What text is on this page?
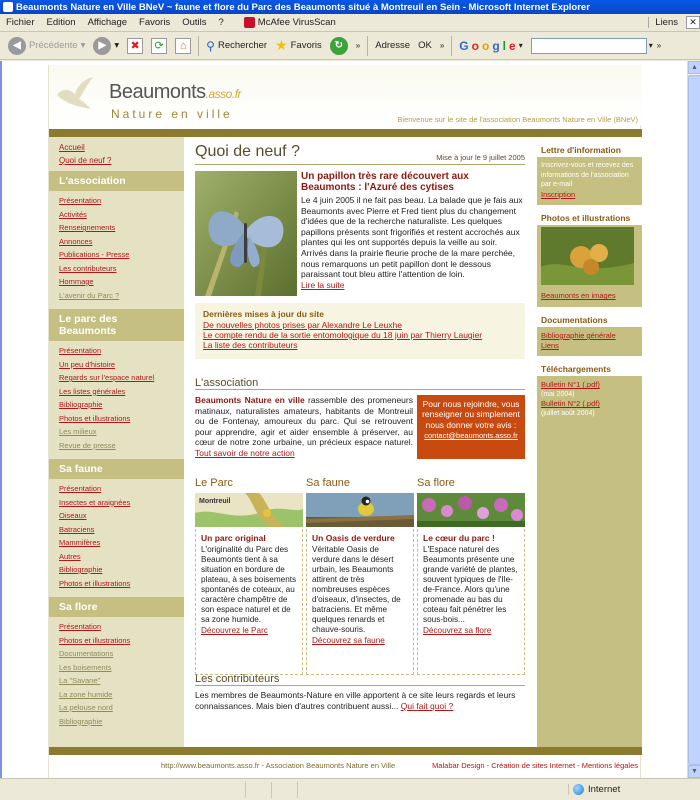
Beaumonts Nature en Ville BNeV ~ faune et flore du Parc des Beaumonts situé à Montreuil en Sein - Microsoft Internet Explorer
Fichier	Edition	Affichage	Favoris	Outils	?	McAfee VirusScan	Liens	✕
◀ Précédente ▾	▶ ▾	✖	⟳	⌂	⚲ Rechercher ★ Favoris	↻	»	Adresse OK	»	G o o g l e ▾	▾ »
Beaumonts.asso.fr
Nature en ville	Bienvenue sur le site de l'association Beaumonts Nature en Ville (BNeV)
Accueil
Quoi de neuf ?
L'association
Présentation
Activités
Renseignements
Annonces
Publications - Presse
Les contributeurs
Hommage
L'avenir du Parc ?
Le parc des Beaumonts
Présentation
Un peu d'histoire
Regards sur l'espace naturel
Les listes générales
Bibliographie
Photos et illustrations
Les milieux
Revue de presse
Sa faune
Présentation
Insectes et araignées
Oiseaux
Batraciens
Mammifères
Autres
Bibliographie
Photos et illustrations
Sa flore
Présentation
Photos et illustrations
Documentations
Les boisements
La "Savane"
La zone humide
La pelouse nord
Bibliographie
Quoi de neuf ?	Mise à jour le 9 juillet 2005
Un papillon très rare découvert aux Beaumonts : l'Azuré des cytises
Le 4 juin 2005 il ne fait pas beau. La balade que je fais aux Beaumonts avec Pierre et Fred tient plus du changement d'idées que de la recherche naturaliste. Les quelques papillons présents sont frigorifiés et restent accrochés aux plantes qui les ont supportés depuis la veille au soir. Arrivés dans la prairie fleurie proche de la mare perchée, nous remarquons un petit papillon dont le dessous paraissant tout bleu attire l'attention de loin.
Lire la suite
Dernières mises à jour du site
De nouvelles photos prises par Alexandre Le Leuxhe
Le compte rendu de la sortie entomologique du 18 juin par Thierry Laugier
La liste des contributeurs
L'association
Beaumonts Nature en ville rassemble des promeneurs matinaux, naturalistes amateurs, habitants de Montreuil ou de Fontenay, amoureux du parc. Qui se retrouvent pour apprendre, agir et aider ensemble à préserver, au cœur de notre zone urbaine, un précieux espace naturel. Tout savoir de notre action
Pour nous rejoindre, vous renseigner ou simplement nous donner votre avis :
contact@beaumonts.asso.fr
Le Parc
Montreuil
Un parc original
L'originalité du Parc des Beaumonts tient à sa situation en bordure de plateau, à ses boisements spontanés de coteaux, au caractère champêtre de son espace naturel et de sa zone humide.
Découvrez le Parc
Sa faune
Un Oasis de verdure
Véritable Oasis de verdure dans le désert urbain, les Beaumonts attirent de très nombreuses espèces d'oiseaux, d'insectes, de batraciens. Et même quelques renards et chauve-souris.
Découvrez sa faune
Sa flore
Le cœur du parc !
L'Espace naturel des Beaumonts présente une grande variété de plantes, souvent typiques de l'Ile-de-France. Alors qu'une promenade au bas du coteau fait pénétrer les sous-bois...
Découvrez sa flore
Les contributeurs
Les membres de Beaumonts-Nature en ville apportent à ce site leurs regards et leurs connaissances. Mais bien d'autres contribuent aussi... Qui fait quoi ?
Lettre d'information
Inscrivez-vous et recevez des informations de l'association par e-mail
Inscription
Photos et illustrations
Beaumonts en images
Documentations
Bibliographie générale
Liens
Téléchargements
Bulletin N°1 (.pdf)
(mai 2004)
Bulletin N°2 (.pdf)
(juillet août 2004)
http://www.beaumonts.asso.fr - Association Beaumonts Nature en Ville	Malabar Design - Création de sites Internet - Mentions légales
▲
▼
Internet
